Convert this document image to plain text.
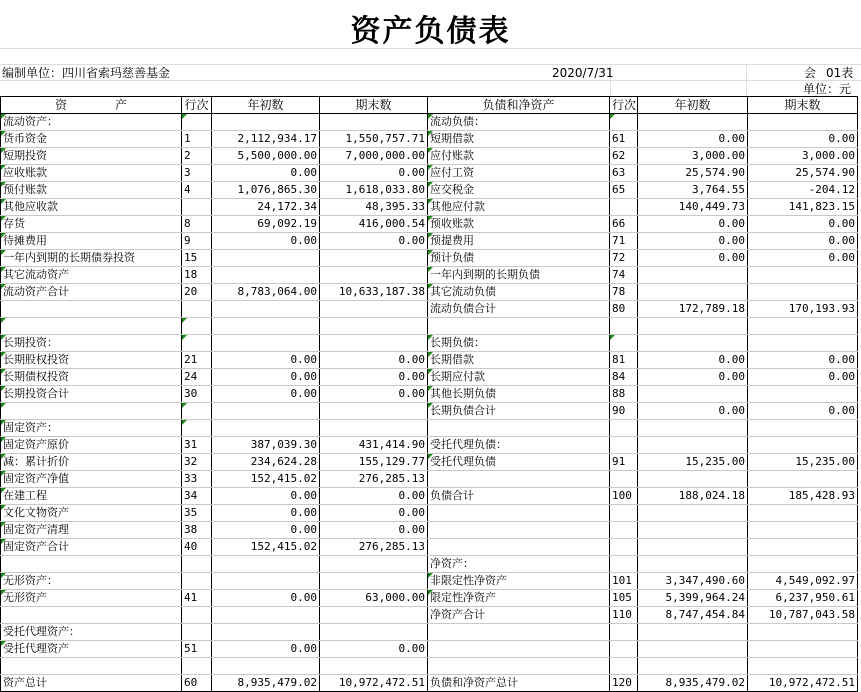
资产负债表
编制单位：四川省索玛慈善基金	2020/7/31	会 01表
单位：元
资　　　　产	行次	年初数	期末数	负债和净资产	行次	年初数	期末数
流动资产：				流动负债：

货币资金	1	2,112,934.17	1,550,757.71	短期借款	61	0.00	0.00
短期投资	2	5,500,000.00	7,000,000.00	应付账款	62	3,000.00	3,000.00
应收账款	3	0.00	0.00	应付工资	63	25,574.90	25,574.90
预付账款	4	1,076,865.30	1,618,033.80	应交税金	65	3,764.55	-204.12
其他应收款		24,172.34	48,395.33	其他应付款		140,449.73	141,823.15
存货	8	69,092.19	416,000.54	预收账款	66	0.00	0.00
待摊费用	9	0.00	0.00	预提费用	71	0.00	0.00
一年内到期的长期债券投资	15			预计负债	72	0.00	0.00
其它流动资产	18			一年内到期的长期负债	74		
流动资产合计	20	8,783,064.00	10,633,187.38	其它流动负债	78		
				流动负债合计	80	172,789.18	170,193.93

长期投资：				长期负债：

长期股权投资	21	0.00	0.00	长期借款	81	0.00	0.00
长期债权投资	24	0.00	0.00	长期应付款	84	0.00	0.00
长期投资合计	30	0.00	0.00	其他长期负债	88		

			长期负债合计	90	0.00	0.00
固定资产：

固定资产原价	31	387,039.30	431,414.90	受托代理负债：			
减：累计折价	32	234,624.28	155,129.77	受托代理负债	91	15,235.00	15,235.00
固定资产净值	33	152,415.02	276,285.13				
在建工程	34	0.00	0.00	负债合计	100	188,024.18	185,428.93
文化文物资产	35	0.00	0.00				
固定资产清理	38	0.00	0.00				
固定资产合计	40	152,415.02	276,285.13				
				净资产：			
无形资产：				非限定性净资产	101	3,347,490.60	4,549,092.97
无形资产	41	0.00	63,000.00	限定性净资产	105	5,399,964.24	6,237,950.61
				净资产合计	110	8,747,454.84	10,787,043.58
受托代理资产：							
受托代理资产	51	0.00	0.00				

资产总计	60	8,935,479.02	10,972,472.51	负债和净资产总计	120	8,935,479.02	10,972,472.51
